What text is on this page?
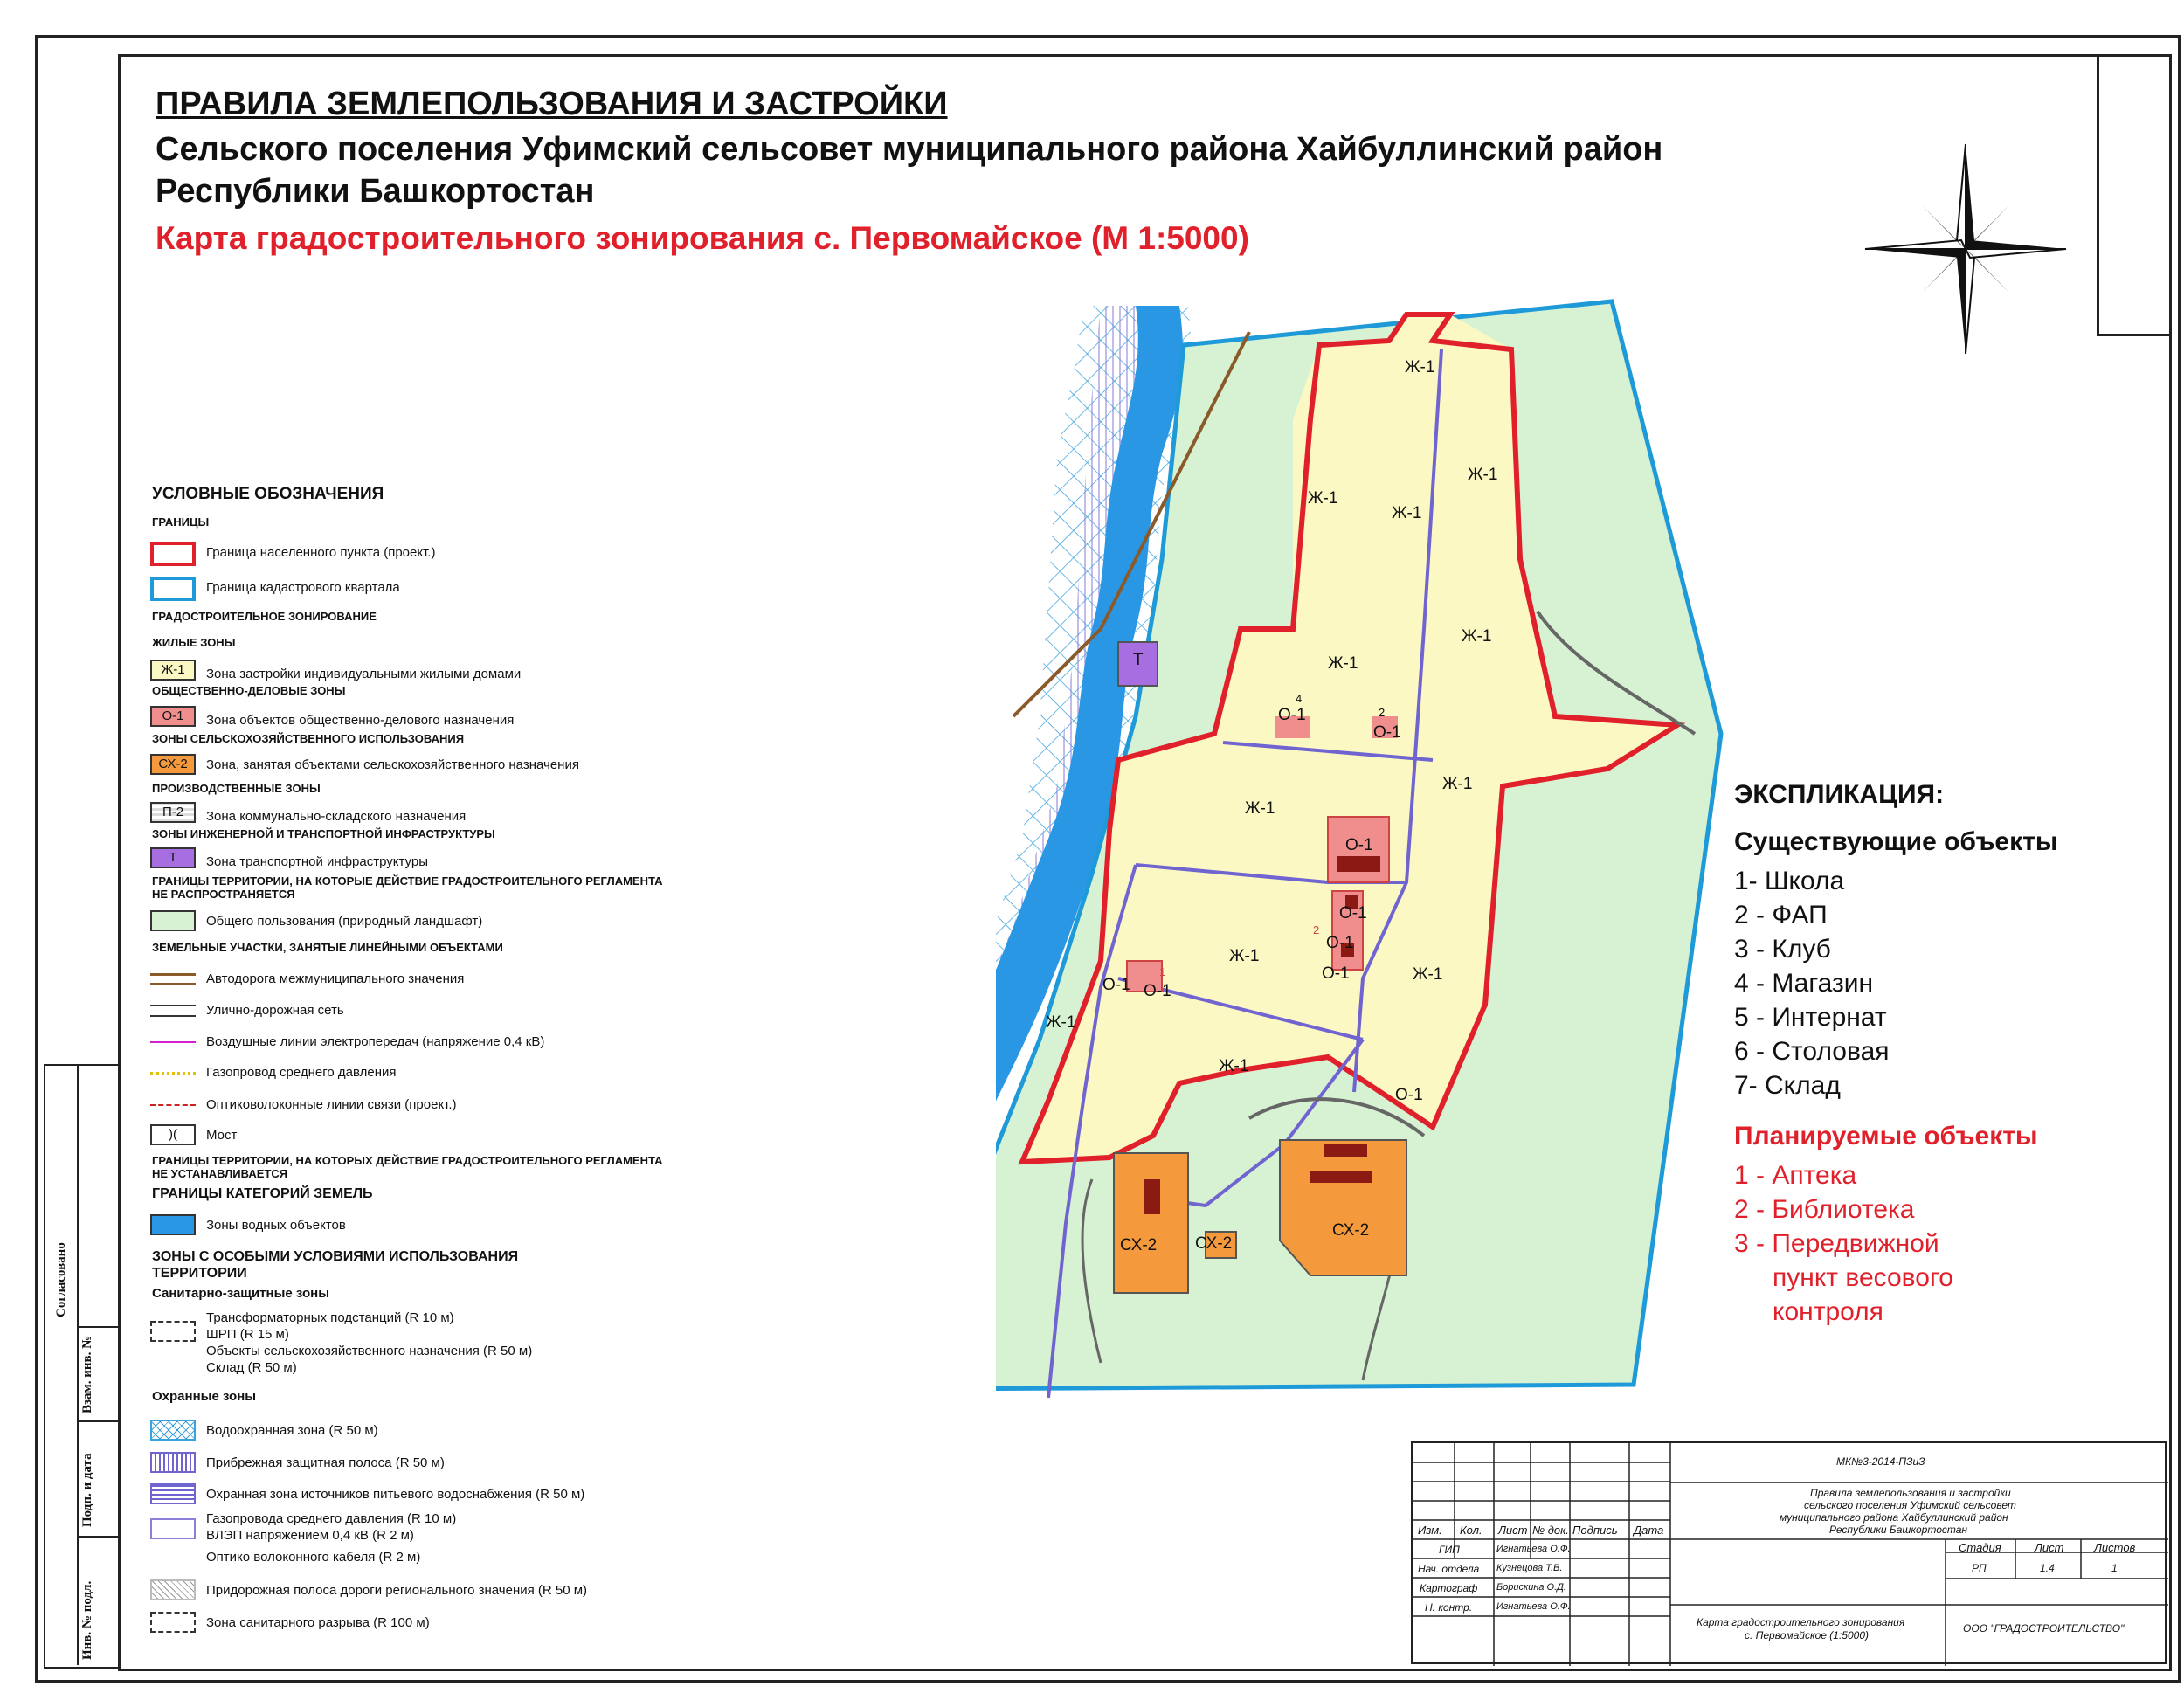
ПРАВИЛА ЗЕМЛЕПОЛЬЗОВАНИЯ И ЗАСТРОЙКИ
Сельского поселения Уфимский сельсовет муниципального района Хайбуллинский район
Республики Башкортостан
Карта градостроительного зонирования с. Первомайское (М 1:5000)
Ж-1
Ж-1
Ж-1
Ж-1
Ж-1
Ж-1
Ж-1
Ж-1
Ж-1
Ж-1
Ж-1
Ж-1
О-1
О-1
О-1
О-1
О-1
О-1
О-1 О-1
О-1
Т
СХ-2 СХ-2
СХ-2
4
2
2
1
УСЛОВНЫЕ ОБОЗНАЧЕНИЯ
ГРАНИЦЫ
Граница населенного пункта (проект.)
Граница кадастрового квартала
ГРАДОСТРОИТЕЛЬНОЕ ЗОНИРОВАНИЕ
ЖИЛЫЕ ЗОНЫ
Ж-1	Зона застройки индивидуальными жилыми домами
ОБЩЕСТВЕННО-ДЕЛОВЫЕ ЗОНЫ
О-1	Зона объектов общественно-делового назначения
ЗОНЫ СЕЛЬСКОХОЗЯЙСТВЕННОГО ИСПОЛЬЗОВАНИЯ
СХ-2	Зона, занятая объектами сельскохозяйственного назначения
ПРОИЗВОДСТВЕННЫЕ ЗОНЫ
П-2	Зона коммунально-складского назначения
ЗОНЫ ИНЖЕНЕРНОЙ И ТРАНСПОРТНОЙ ИНФРАСТРУКТУРЫ
Т	Зона транспортной инфраструктуры
ГРАНИЦЫ ТЕРРИТОРИИ, НА КОТОРЫЕ ДЕЙСТВИЕ ГРАДОСТРОИТЕЛЬНОГО РЕГЛАМЕНТА
НЕ РАСПРОСТРАНЯЕТСЯ
Общего пользования (природный ландшафт)
ЗЕМЕЛЬНЫЕ УЧАСТКИ, ЗАНЯТЫЕ ЛИНЕЙНЫМИ ОБЪЕКТАМИ
Автодорога межмуниципального значения
Улично-дорожная сеть
Воздушные линии электропередач (напряжение 0,4 кВ)
Газопровод среднего давления
Оптиковолоконные линии связи (проект.)
)(	Мост
ГРАНИЦЫ ТЕРРИТОРИИ, НА КОТОРЫХ ДЕЙСТВИЕ ГРАДОСТРОИТЕЛЬНОГО РЕГЛАМЕНТА
НЕ УСТАНАВЛИВАЕТСЯ
ГРАНИЦЫ КАТЕГОРИЙ ЗЕМЕЛЬ
Зоны водных объектов
ЗОНЫ С ОСОБЫМИ УСЛОВИЯМИ ИСПОЛЬЗОВАНИЯ
ТЕРРИТОРИИ
Санитарно-защитные зоны
Трансформаторных подстанций (R 10 м)
ШРП (R 15 м)
Объекты сельскохозяйственного назначения (R 50 м)
Склад (R 50 м)
Охранные зоны
Водоохранная зона (R 50 м)
Прибрежная защитная полоса (R 50 м)
Охранная зона источников питьевого водоснабжения (R 50 м)
Газопровода среднего давления (R 10 м)
ВЛЭП напряжением 0,4 кВ (R 2 м)
Оптико волоконного кабеля (R 2 м)
Придорожная полоса дороги регионального значения (R 50 м)
Зона санитарного разрыва (R 100 м)
ЭКСПЛИКАЦИЯ:
Существующие объекты
1- Школа
2 - ФАП
3 - Клуб
4 - Магазин
5 - Интернат
6 - Столовая
7- Склад
Планируемые объекты
1 - Аптека
2 - Библиотека
3 - Передвижной
пункт весового
контроля
Согласовано
Взам. инв. №
Подп. и дата
Инв. № подл.
МК№3-2014-ПЗиЗ
Правила землепользования и застройки
сельского поселения Уфимский сельсовет
муниципального района Хайбуллинский район
Республики Башкортостан
Изм. Кол. Лист № док. Подпись Дата
ГИП	Игнатьева О.Ф.
Нач. отдела Кузнецова Т.В.
Картограф Борискина О.Д.
Н. контр.	Игнатьева О.Ф.
Стадия	Лист	Листов
РП	1.4	1
Карта градостроительного зонирования
с. Первомайское (1:5000)
ООО "ГРАДОСТРОИТЕЛЬСТВО"
